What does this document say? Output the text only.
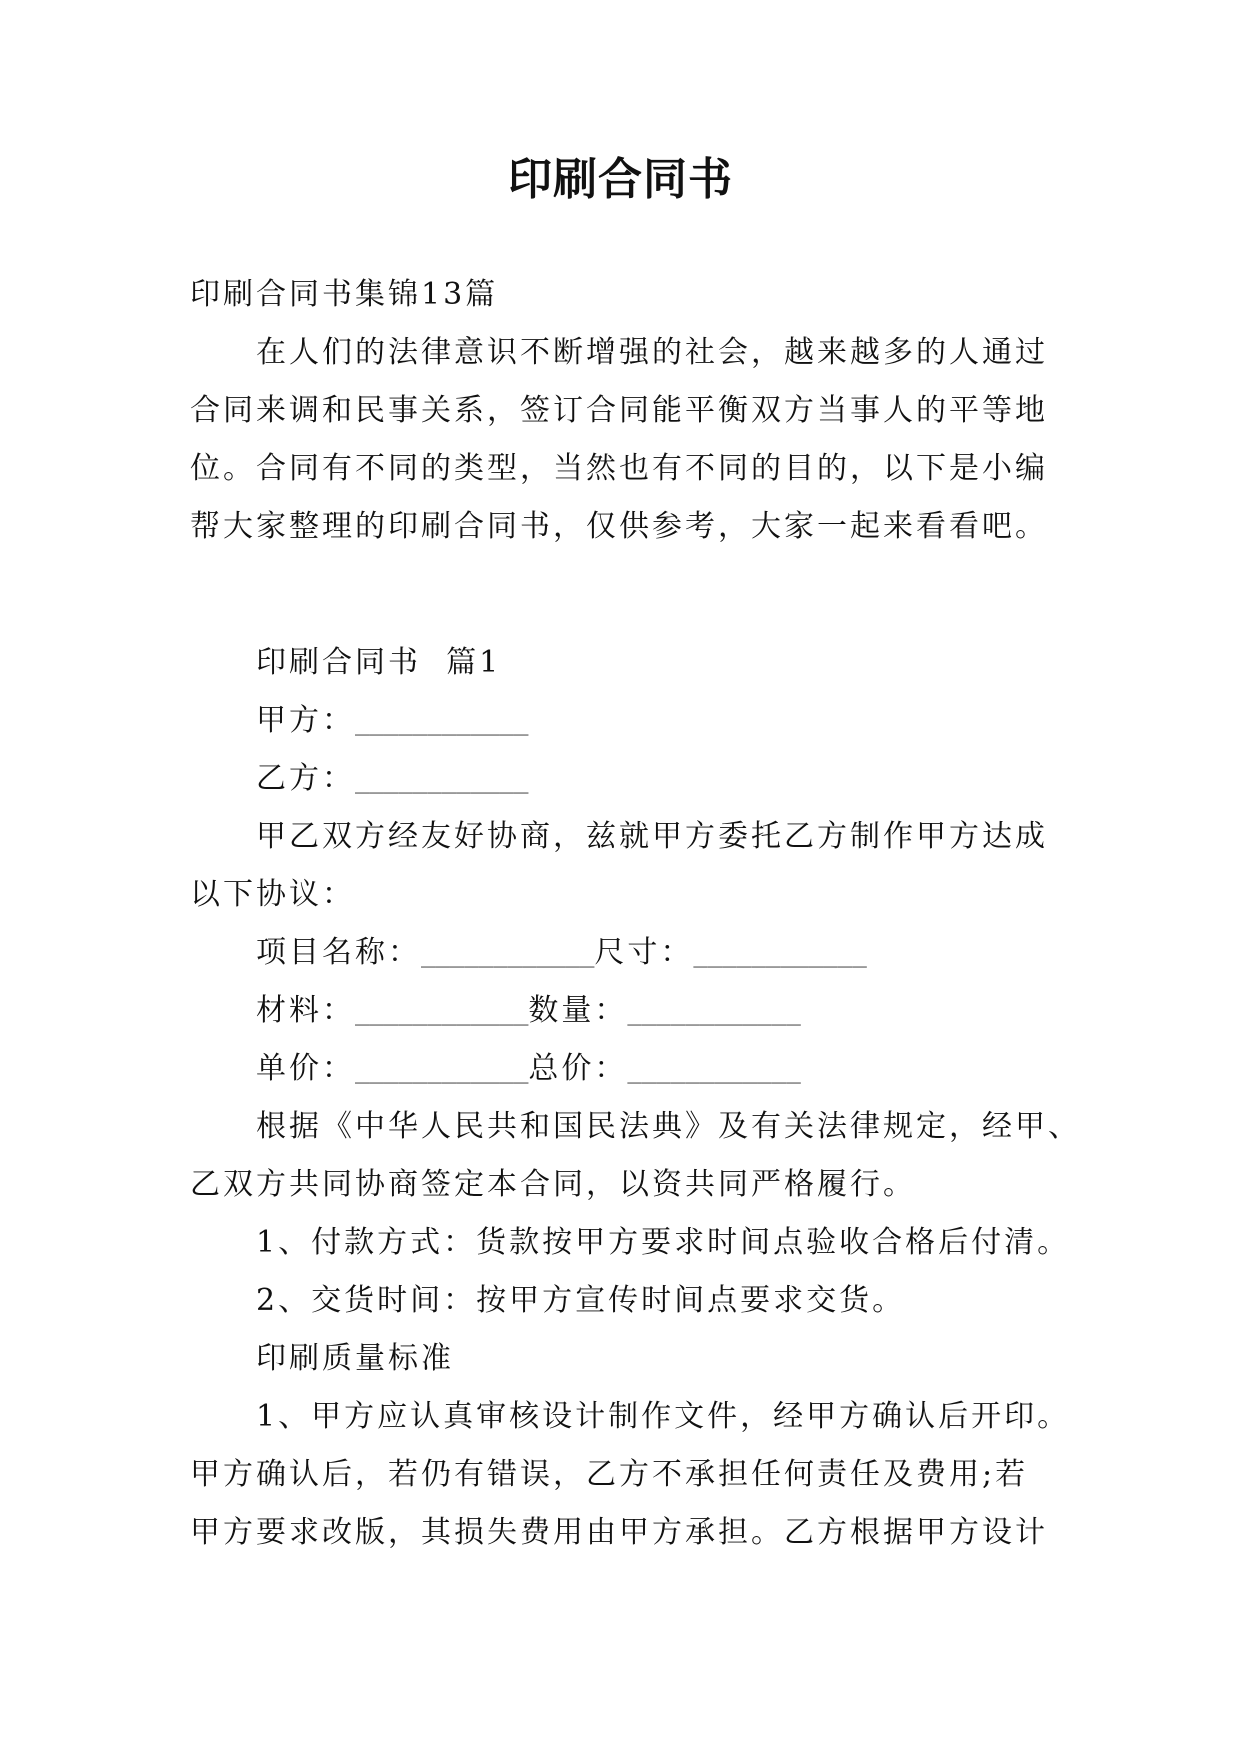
印刷合同书
印刷合同书集锦13篇
在人们的法律意识不断增强的社会，越来越多的人通过
合同来调和民事关系，签订合同能平衡双方当事人的平等地
位。合同有不同的类型，当然也有不同的目的，以下是小编
帮大家整理的印刷合同书，仅供参考，大家一起来看看吧。
印刷合同书  篇1
甲方：____________
乙方：____________
甲乙双方经友好协商，兹就甲方委托乙方制作甲方达成
以下协议：
项目名称：____________尺寸：____________
材料：____________数量：____________
单价：____________总价：____________
根据《中华人民共和国民法典》及有关法律规定，经甲、
乙双方共同协商签定本合同，以资共同严格履行。
1、付款方式：货款按甲方要求时间点验收合格后付清。
2、交货时间：按甲方宣传时间点要求交货。
印刷质量标准
1、甲方应认真审核设计制作文件，经甲方确认后开印。
甲方确认后，若仍有错误，乙方不承担任何责任及费用;若
甲方要求改版，其损失费用由甲方承担。乙方根据甲方设计
